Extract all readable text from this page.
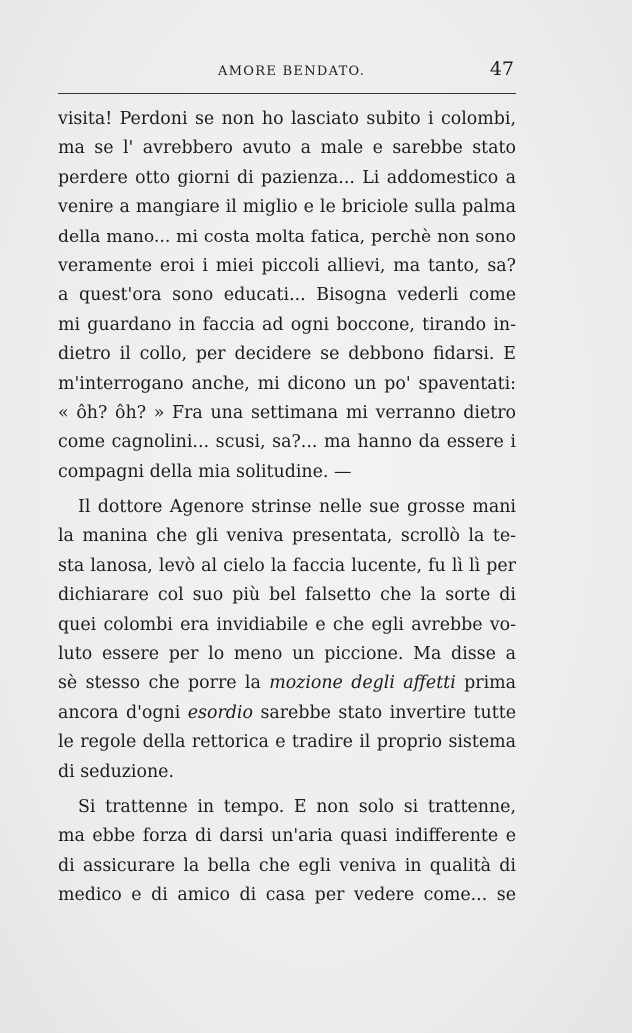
AMORE BENDATO.	47
visita! Perdoni se non ho lasciato subito i colombi,
ma se l' avrebbero avuto a male e sarebbe stato
perdere otto giorni di pazienza... Li addomestico a
venire a mangiare il miglio e le briciole sulla palma
della mano... mi costa molta fatica, perchè non sono
veramente eroi i miei piccoli allievi, ma tanto, sa?
a quest'ora sono educati... Bisogna vederli come
mi guardano in faccia ad ogni boccone, tirando in-
dietro il collo, per decidere se debbono fidarsi. E
m'interrogano anche, mi dicono un po' spaventati:
« ôh? ôh? » Fra una settimana mi verranno dietro
come cagnolini... scusi, sa?... ma hanno da essere i
compagni della mia solitudine. —
Il dottore Agenore strinse nelle sue grosse mani
la manina che gli veniva presentata, scrollò la te-
sta lanosa, levò al cielo la faccia lucente, fu lì lì per
dichiarare col suo più bel falsetto che la sorte di
quei colombi era invidiabile e che egli avrebbe vo-
luto essere per lo meno un piccione. Ma disse a
sè stesso che porre la mozione degli affetti prima
ancora d'ogni esordio sarebbe stato invertire tutte
le regole della rettorica e tradire il proprio sistema
di seduzione.
Si trattenne in tempo. E non solo si trattenne,
ma ebbe forza di darsi un'aria quasi indifferente e
di assicurare la bella che egli veniva in qualità di
medico e di amico di casa per vedere come... se
